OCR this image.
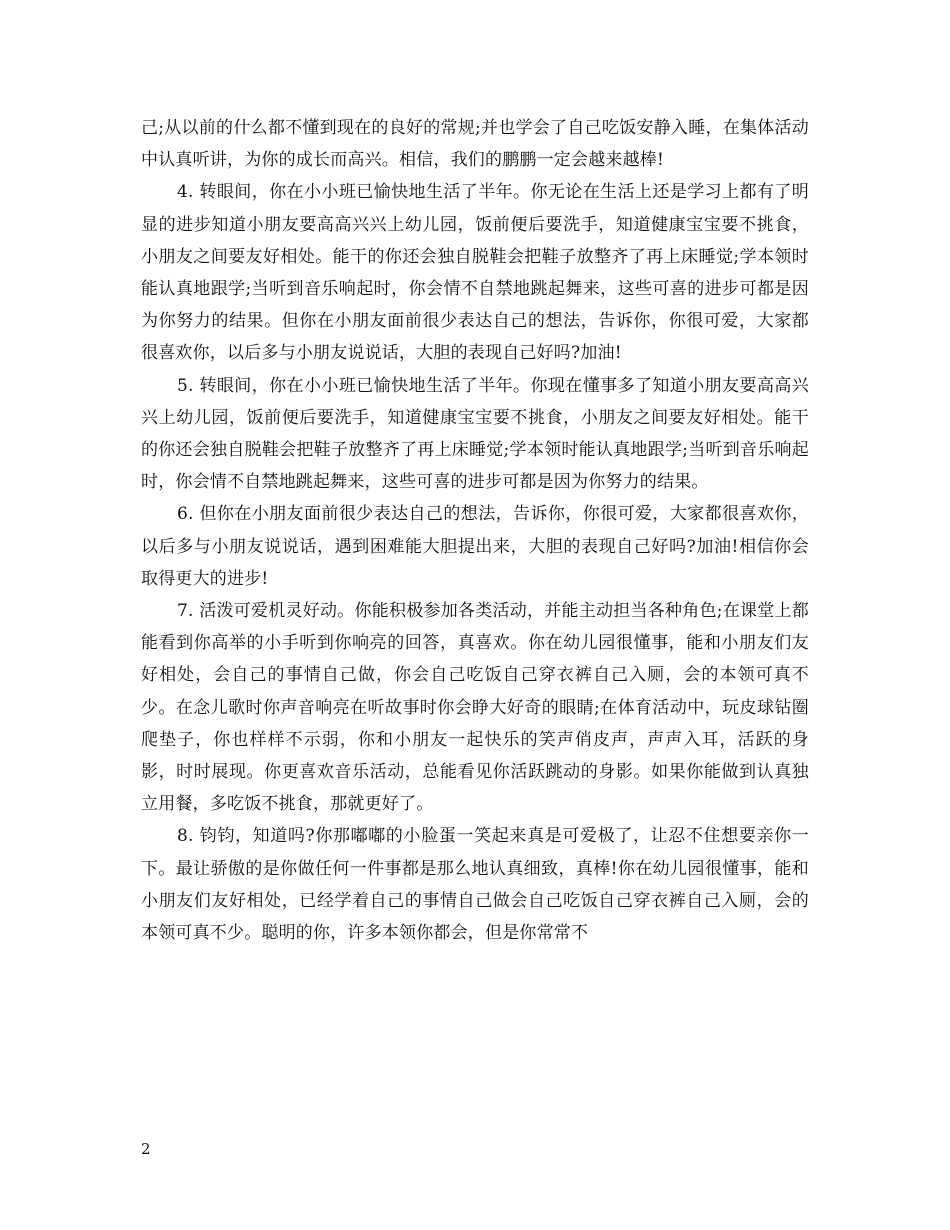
己;从以前的什么都不懂到现在的良好的常规;并也学会了自己吃饭安静入睡，在集体活动中认真听讲，为你的成长而高兴。相信，我们的鹏鹏一定会越来越棒!

4. 转眼间，你在小小班已愉快地生活了半年。你无论在生活上还是学习上都有了明显的进步知道小朋友要高高兴兴上幼儿园，饭前便后要洗手，知道健康宝宝要不挑食，小朋友之间要友好相处。能干的你还会独自脱鞋会把鞋子放整齐了再上床睡觉;学本领时能认真地跟学;当听到音乐响起时，你会情不自禁地跳起舞来，这些可喜的进步可都是因为你努力的结果。但你在小朋友面前很少表达自己的想法，告诉你，你很可爱，大家都很喜欢你，以后多与小朋友说说话，大胆的表现自己好吗?加油!

5. 转眼间，你在小小班已愉快地生活了半年。你现在懂事多了知道小朋友要高高兴兴上幼儿园，饭前便后要洗手，知道健康宝宝要不挑食，小朋友之间要友好相处。能干的你还会独自脱鞋会把鞋子放整齐了再上床睡觉;学本领时能认真地跟学;当听到音乐响起时，你会情不自禁地跳起舞来，这些可喜的进步可都是因为你努力的结果。

6. 但你在小朋友面前很少表达自己的想法，告诉你，你很可爱，大家都很喜欢你，以后多与小朋友说说话，遇到困难能大胆提出来，大胆的表现自己好吗?加油!相信你会取得更大的进步!

7. 活泼可爱机灵好动。你能积极参加各类活动，并能主动担当各种角色;在课堂上都能看到你高举的小手听到你响亮的回答，真喜欢。你在幼儿园很懂事，能和小朋友们友好相处，会自己的事情自己做，你会自己吃饭自己穿衣裤自己入厕，会的本领可真不少。在念儿歌时你声音响亮在听故事时你会睁大好奇的眼睛;在体育活动中，玩皮球钻圈爬垫子，你也样样不示弱，你和小朋友一起快乐的笑声俏皮声，声声入耳，活跃的身影，时时展现。你更喜欢音乐活动，总能看见你活跃跳动的身影。如果你能做到认真独立用餐，多吃饭不挑食，那就更好了。

8. 钧钧，知道吗?你那嘟嘟的小脸蛋一笑起来真是可爱极了，让忍不住想要亲你一下。最让骄傲的是你做任何一件事都是那么地认真细致，真棒!你在幼儿园很懂事，能和小朋友们友好相处，已经学着自己的事情自己做会自己吃饭自己穿衣裤自己入厕，会的本领可真不少。聪明的你，许多本领你都会，但是你常常不

2
